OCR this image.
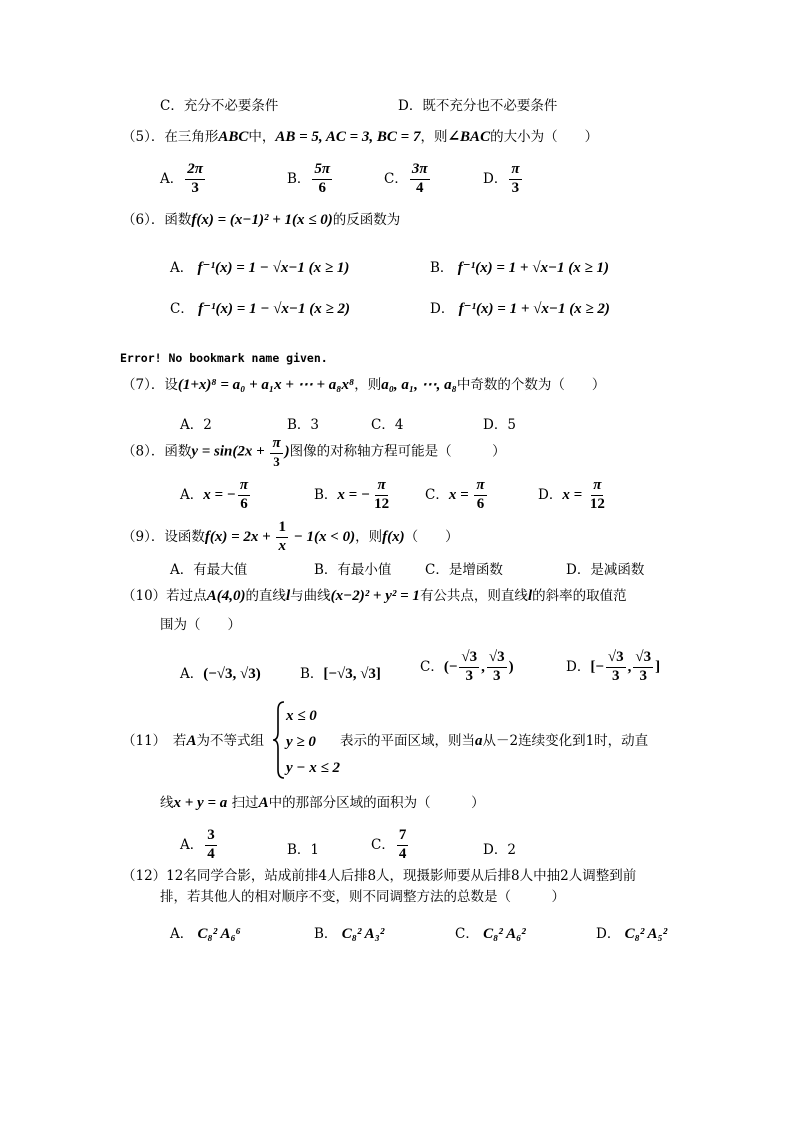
C．充分不必要条件	D．既不充分也不必要条件
（5）．在三角形ABC中，AB = 5, AC = 3, BC = 7，则∠BAC的大小为（　　）
A． $\frac{2\pi}{3}$	B． $\frac{5\pi}{6}$	C． $\frac{3\pi}{4}$	D． $\frac{\pi}{3}$
（6）．函数f(x) = (x−1)² + 1(x ≤ 0)的反函数为
A． f⁻¹(x) = 1 − √x−1 (x ≥ 1)	B． f⁻¹(x) = 1 + √x−1 (x ≥ 1)
C． f⁻¹(x) = 1 − √x−1 (x ≥ 2)	D． f⁻¹(x) = 1 + √x−1 (x ≥ 2)
Error! No bookmark name given.
（7）．设(1+x)⁸ = a₀ + a₁x + ⋯ + a₈x⁸，则a₀, a₁, ⋯, a₈中奇数的个数为（　　）
A．2	B．3	C．4	D．5
（8）．函数$y = \sin(2x + \frac{\pi}{3}$ )图像的对称轴方程可能是（　　　）
A．x = − $\frac{\pi}{6}$	B．x = − $\frac{\pi}{12}$	C．$x = \frac{\pi}{6}$	D．$x = \frac{\pi}{12}$
（9）．设函数$f(x) = 2x + \frac{1}{x} - 1(x < 0)$，则f(x)（　　）
A．有最大值	B．有最小值 C．是增函数	D．是减函数
（10）若过点A(4,0)的直线l与曲线(x−2)² + y² = 1有公共点，则直线l的斜率的取值范
围为（　　）
A．(−√3, √3)	B．[−√3, √3]	C．(− $\frac{√3}{3}$ , $\frac{√3}{3}$ )	D．[− $\frac{√3}{3}$ , $\frac{√3}{3}$ ]
（11）　若A为不等式组
x ≤ 0
y ≥ 0
y − x ≤ 2
表示的平面区域，则当a从－2连续变化到1时，动直
线x + y = a 扫过A中的那部分区域的面积为（　　　）
A． $\frac{3}{4}$	B．1	C． $\frac{7}{4}$	D．2
（12）12名同学合影，站成前排4人后排8人，现摄影师要从后排8人中抽2人调整到前
排，若其他人的相对顺序不变，则不同调整方法的总数是（　　　）
A． C₈² A₆⁶	B． C₈² A₃²	C． C₈² A₆²	D． C₈² A₅²
